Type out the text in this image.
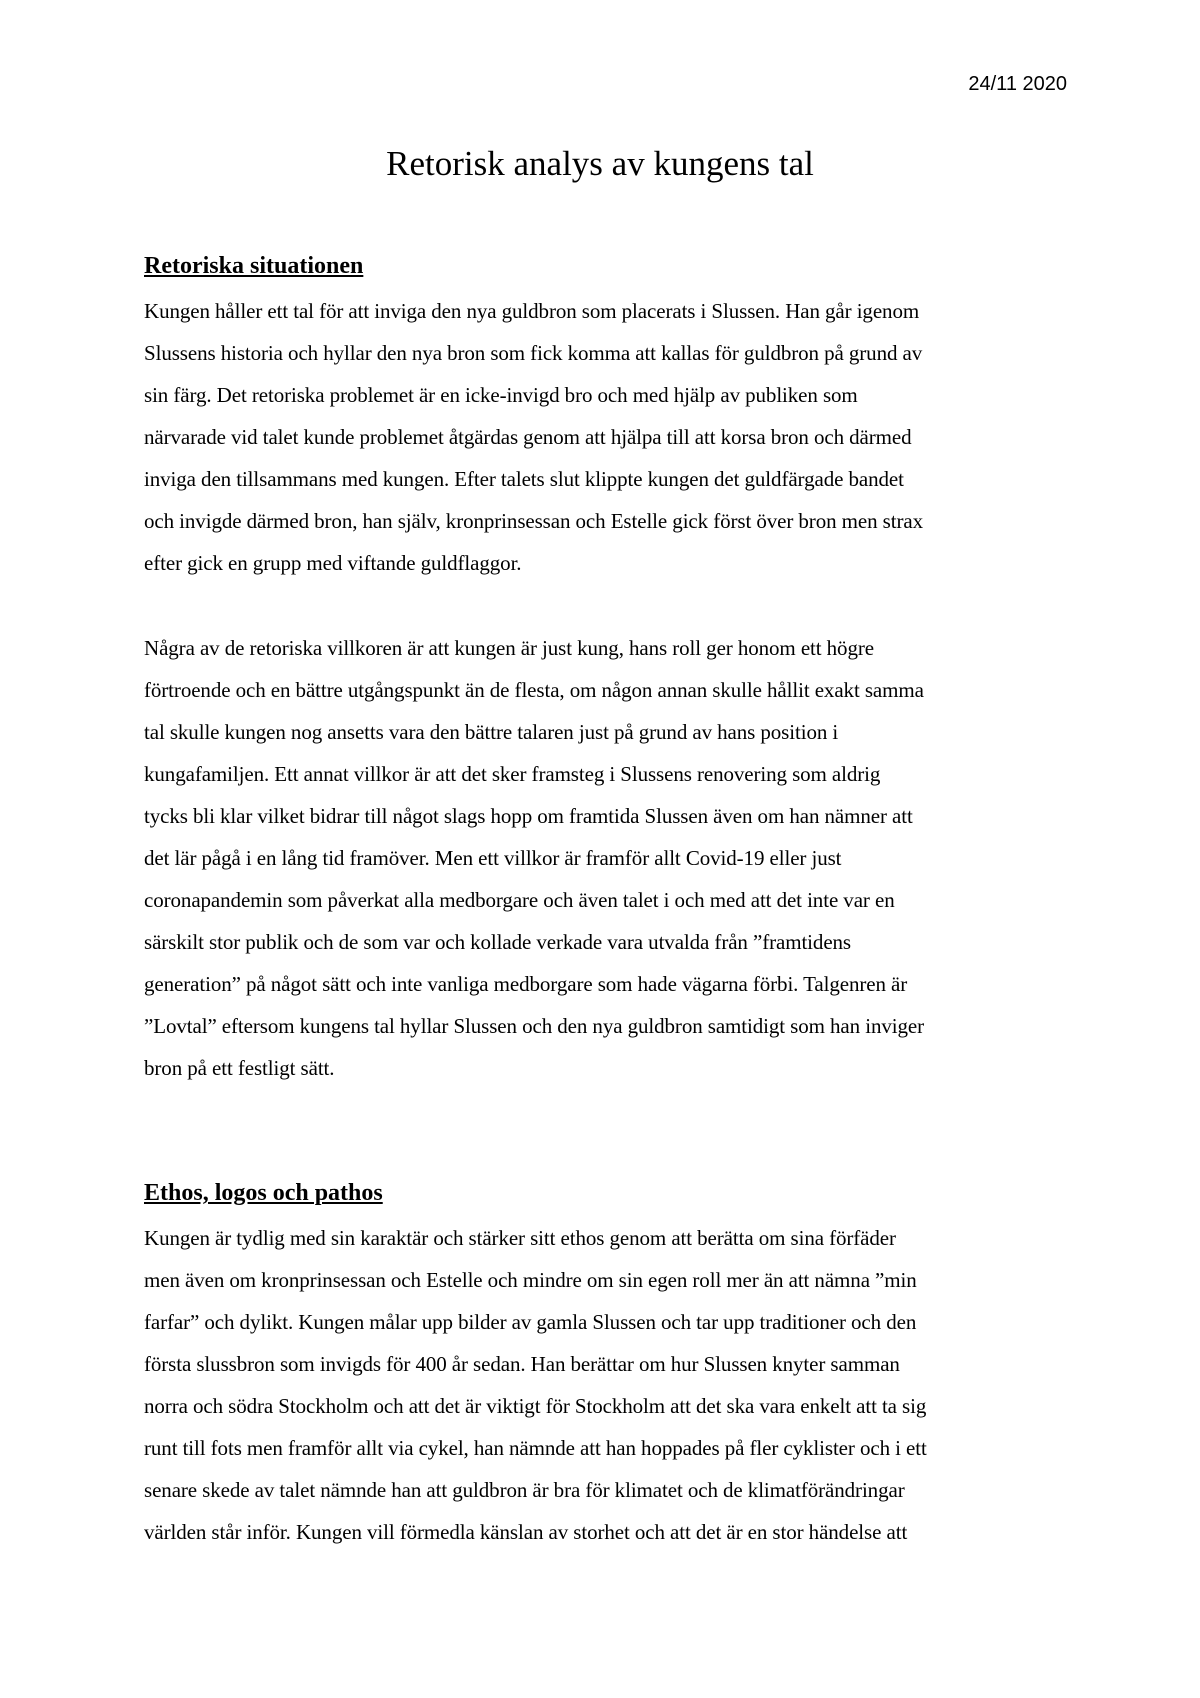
24/11 2020
Retorisk analys av kungens tal
Retoriska situationen
Kungen håller ett tal för att inviga den nya guldbron som placerats i Slussen. Han går igenom
Slussens historia och hyllar den nya bron som fick komma att kallas för guldbron på grund av
sin färg. Det retoriska problemet är en icke-invigd bro och med hjälp av publiken som
närvarade vid talet kunde problemet åtgärdas genom att hjälpa till att korsa bron och därmed
inviga den tillsammans med kungen. Efter talets slut klippte kungen det guldfärgade bandet
och invigde därmed bron, han själv, kronprinsessan och Estelle gick först över bron men strax
efter gick en grupp med viftande guldflaggor.
Några av de retoriska villkoren är att kungen är just kung, hans roll ger honom ett högre
förtroende och en bättre utgångspunkt än de flesta, om någon annan skulle hållit exakt samma
tal skulle kungen nog ansetts vara den bättre talaren just på grund av hans position i
kungafamiljen. Ett annat villkor är att det sker framsteg i Slussens renovering som aldrig
tycks bli klar vilket bidrar till något slags hopp om framtida Slussen även om han nämner att
det lär pågå i en lång tid framöver. Men ett villkor är framför allt Covid-19 eller just
coronapandemin som påverkat alla medborgare och även talet i och med att det inte var en
särskilt stor publik och de som var och kollade verkade vara utvalda från ”framtidens
generation” på något sätt och inte vanliga medborgare som hade vägarna förbi. Talgenren är
”Lovtal” eftersom kungens tal hyllar Slussen och den nya guldbron samtidigt som han inviger
bron på ett festligt sätt.
Ethos, logos och pathos
Kungen är tydlig med sin karaktär och stärker sitt ethos genom att berätta om sina förfäder
men även om kronprinsessan och Estelle och mindre om sin egen roll mer än att nämna ”min
farfar” och dylikt. Kungen målar upp bilder av gamla Slussen och tar upp traditioner och den
första slussbron som invigds för 400 år sedan. Han berättar om hur Slussen knyter samman
norra och södra Stockholm och att det är viktigt för Stockholm att det ska vara enkelt att ta sig
runt till fots men framför allt via cykel, han nämnde att han hoppades på fler cyklister och i ett
senare skede av talet nämnde han att guldbron är bra för klimatet och de klimatförändringar
världen står inför. Kungen vill förmedla känslan av storhet och att det är en stor händelse att
